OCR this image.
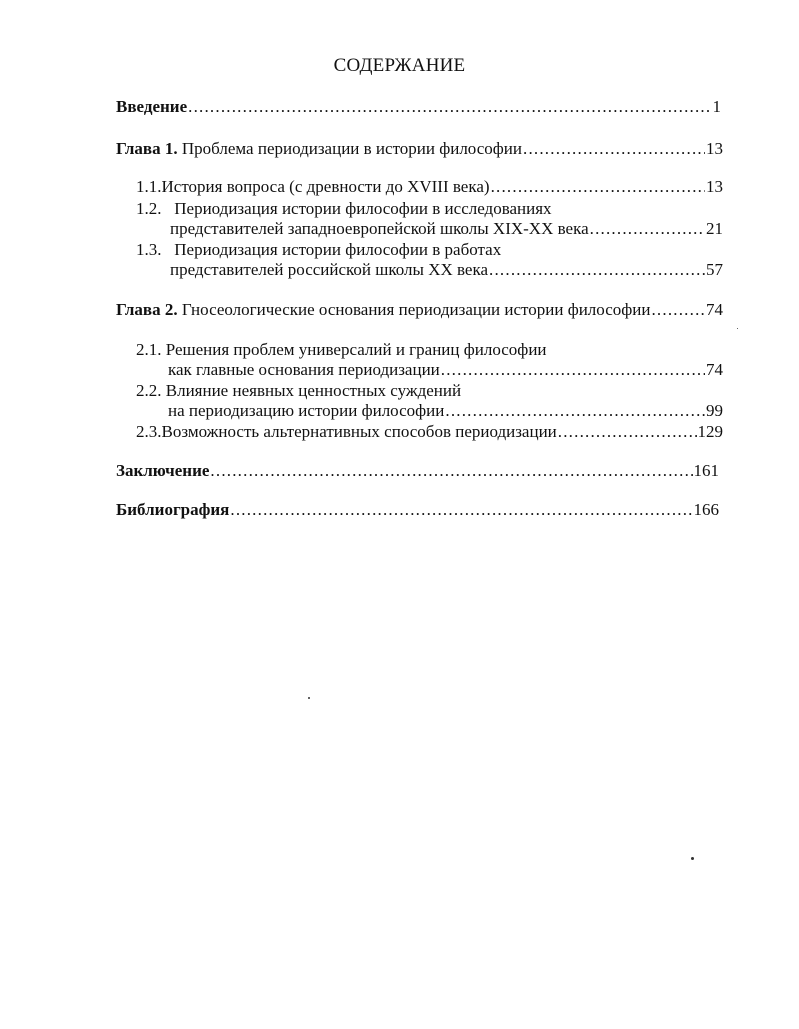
СОДЕРЖАНИЕ
Введение .....	1
Глава 1.
Проблема периодизации в истории философии .....	13
1.1. История вопроса (с древности до XVIII века) .....	13
1.2. Периодизация истории философии в исследованиях
представителей западноевропейской школы XIX-XX века .....	21
1.3. Периодизация истории философии в работах
представителей российской школы XX века .....	57
Глава 2.
Гносеологические основания периодизации истории философии .....	74
2.1. Решения проблем универсалий и границ философии
как главные основания периодизации .....	74
2.2. Влияние неявных ценностных суждений
на периодизацию истории философии .....	99
2.3. Возможность альтернативных способов периодизации .....	129
Заключение .....	161
Библиография .....	166
